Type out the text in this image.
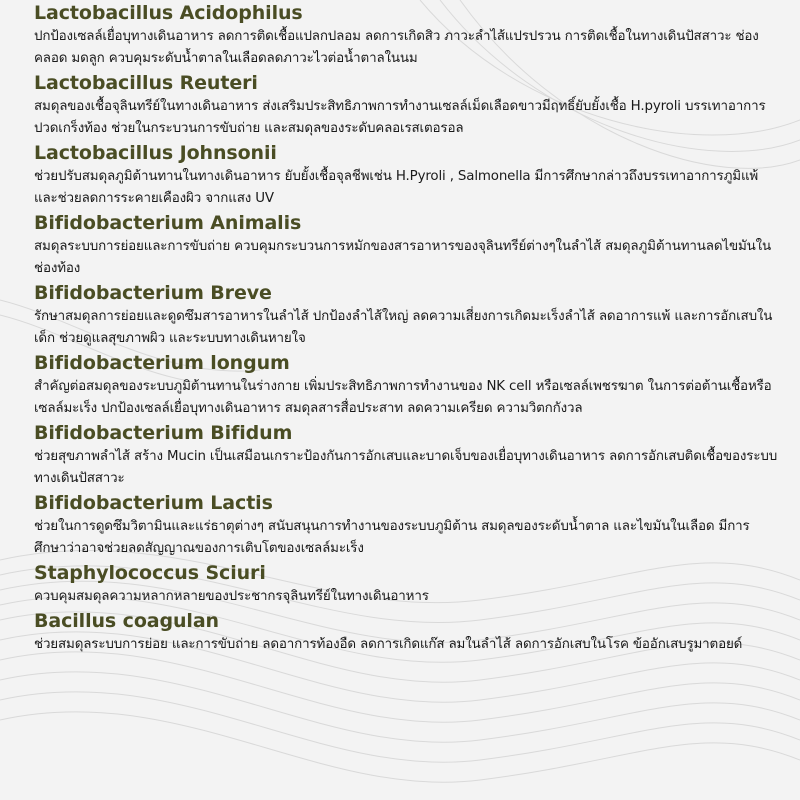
Lactobacillus Acidophilus

ปกป้องเซลล์เยื่อบุทางเดินอาหาร ลดการติดเชื้อแปลกปลอม ลดการเกิดสิว ภาวะลำไส้แปรปรวน การติดเชื้อในทางเดินปัสสาวะ ช่องคลอด มดลูก ควบคุมระดับน้ำตาลในเลือดลดภาวะไวต่อน้ำตาลในนม

Lactobacillus Reuteri

สมดุลของเชื้อจุลินทรีย์ในทางเดินอาหาร ส่งเสริมประสิทธิภาพการทำงานเซลล์เม็ดเลือดขาวมีฤทธิ์ยับยั้งเชื้อ H.pyroli บรรเทาอาการปวดเกร็งท้อง ช่วยในกระบวนการขับถ่าย และสมดุลของระดับคลอเรสเตอรอล

Lactobacillus Johnsonii

ช่วยปรับสมดุลภูมิต้านทานในทางเดินอาหาร ยับยั้งเชื้อจุลชีพเช่น H.Pyroli , Salmonella มีการศึกษากล่าวถึงบรรเทาอาการภูมิแพ้ และช่วยลดการระคายเคืองผิว จากแสง UV

Bifidobacterium Animalis

สมดุลระบบการย่อยและการขับถ่าย ควบคุมกระบวนการหมักของสารอาหารของจุลินทรีย์ต่างๆในลำไส้ สมดุลภูมิต้านทานลดไขมันในช่องท้อง

Bifidobacterium Breve

รักษาสมดุลการย่อยและดูดซึมสารอาหารในลำไส้ ปกป้องลำไส้ใหญ่ ลดความเสี่ยงการเกิดมะเร็งลำไส้ ลดอาการแพ้ และการอักเสบในเด็ก ช่วยดูแลสุขภาพผิว และระบบทางเดินหายใจ

Bifidobacterium longum

สำคัญต่อสมดุลของระบบภูมิต้านทานในร่างกาย เพิ่มประสิทธิภาพการทำงานของ NK cell หรือเซลล์เพชรฆาต ในการต่อต้านเชื้อหรือเซลล์มะเร็ง ปกป้องเซลล์เยื่อบุทางเดินอาหาร สมดุลสารสื่อประสาท ลดความเครียด ความวิตกกังวล

Bifidobacterium Bifidum

ช่วยสุขภาพลำไส้ สร้าง Mucin เป็นเสมือนเกราะป้องกันการอักเสบและบาดเจ็บของเยื่อบุทางเดินอาหาร ลดการอักเสบติดเชื้อของระบบทางเดินปัสสาวะ

Bifidobacterium Lactis

ช่วยในการดูดซึมวิตามินและแร่ธาตุต่างๆ สนับสนุนการทำงานของระบบภูมิต้าน สมดุลของระดับน้ำตาล และไขมันในเลือด มีการศึกษาว่าอาจช่วยลดสัญญาณของการเติบโตของเซลล์มะเร็ง

Staphylococcus Sciuri

ควบคุมสมดุลความหลากหลายของประชากรจุลินทรีย์ในทางเดินอาหาร

Bacillus coagulan

ช่วยสมดุลระบบการย่อย และการขับถ่าย ลดอาการท้องอืด ลดการเกิดแก๊ส ลมในลำไส้ ลดการอักเสบในโรค ข้ออักเสบรูมาตอยด์
